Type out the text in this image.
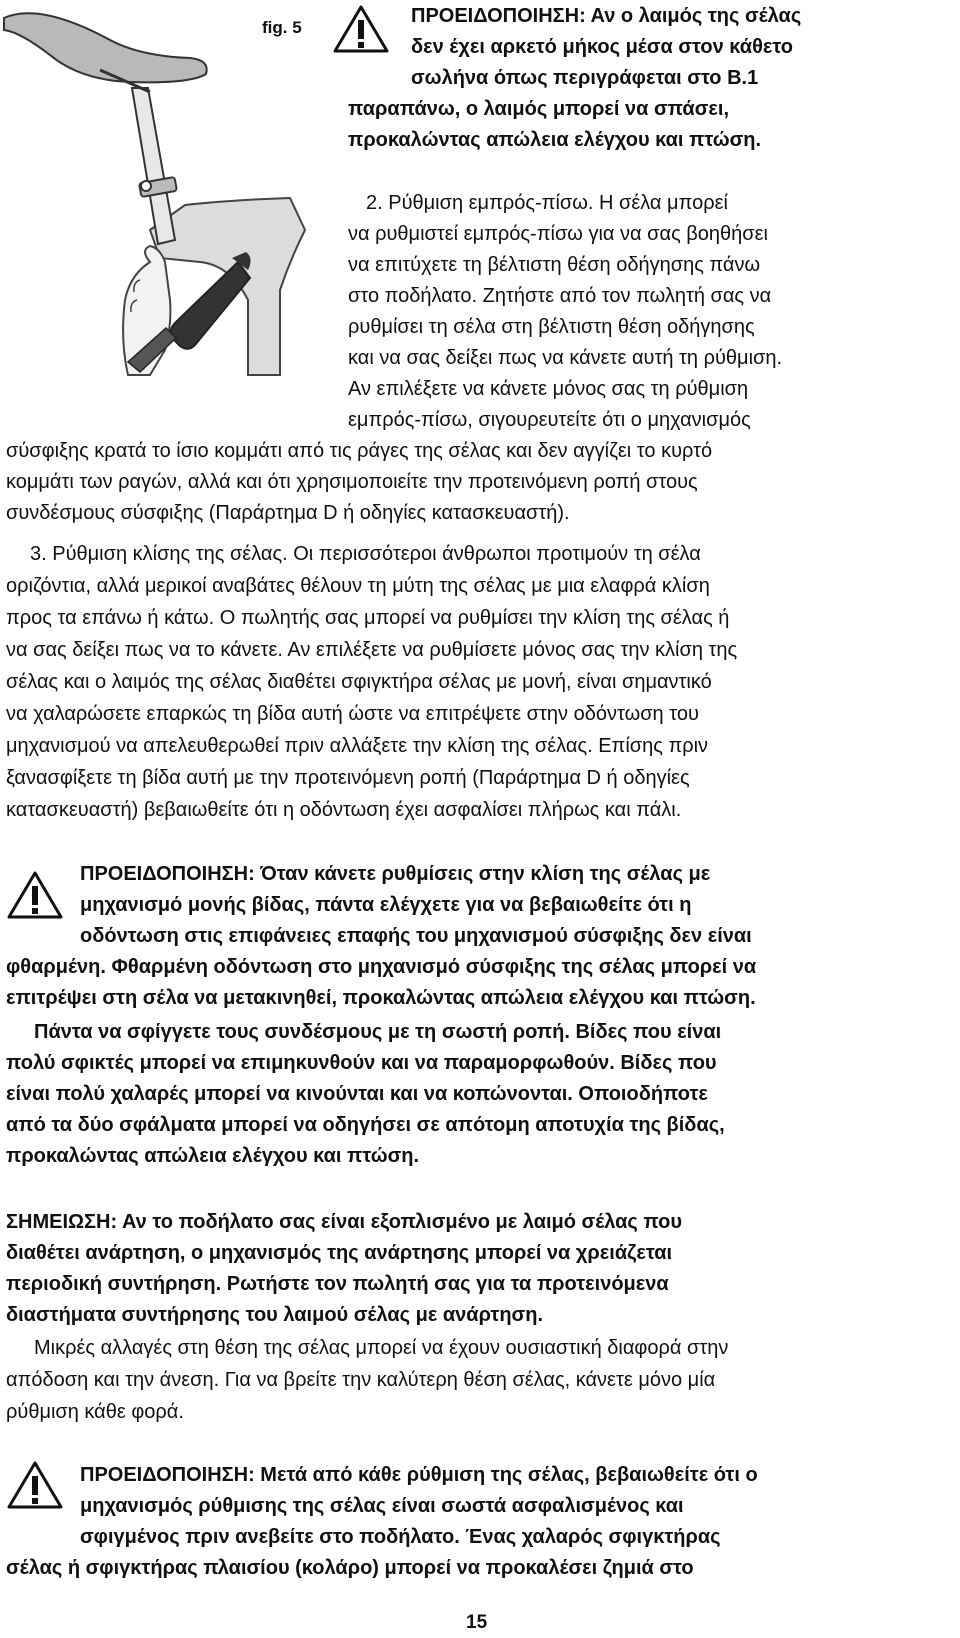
fig. 5
ΠΡΟΕΙΔΟΠΟΙΗΣΗ: Αν ο λαιμός της σέλας
δεν έχει αρκετό μήκος μέσα στον κάθετο
σωλήνα όπως περιγράφεται στο Β.1
παραπάνω, ο λαιμός μπορεί να σπάσει,
προκαλώντας απώλεια ελέγχου και πτώση.
2. Ρύθμιση εμπρός-πίσω. Η σέλα μπορεί
να ρυθμιστεί εμπρός-πίσω για να σας βοηθήσει
να επιτύχετε τη βέλτιστη θέση οδήγησης πάνω
στο ποδήλατο. Ζητήστε από τον πωλητή σας να
ρυθμίσει τη σέλα στη βέλτιστη θέση οδήγησης
και να σας δείξει πως να κάνετε αυτή τη ρύθμιση.
Αν επιλέξετε να κάνετε μόνος σας τη ρύθμιση
εμπρός-πίσω, σιγουρευτείτε ότι ο μηχανισμός
σύσφιξης κρατά το ίσιο κομμάτι από τις ράγες της σέλας και δεν αγγίζει το κυρτό
κομμάτι των ραγών, αλλά και ότι χρησιμοποιείτε την προτεινόμενη ροπή στους
συνδέσμους σύσφιξης (Παράρτημα D ή οδηγίες κατασκευαστή).
3. Ρύθμιση κλίσης της σέλας. Οι περισσότεροι άνθρωποι προτιμούν τη σέλα
οριζόντια, αλλά μερικοί αναβάτες θέλουν τη μύτη της σέλας με μια ελαφρά κλίση
προς τα επάνω ή κάτω. Ο πωλητής σας μπορεί να ρυθμίσει την κλίση της σέλας ή
να σας δείξει πως να το κάνετε. Αν επιλέξετε να ρυθμίσετε μόνος σας την κλίση της
σέλας και ο λαιμός της σέλας διαθέτει σφιγκτήρα σέλας με μονή, είναι σημαντικό
να χαλαρώσετε επαρκώς τη βίδα αυτή ώστε να επιτρέψετε στην οδόντωση του
μηχανισμού να απελευθερωθεί πριν αλλάξετε την κλίση της σέλας. Επίσης πριν
ξανασφίξετε τη βίδα αυτή με την προτεινόμενη ροπή (Παράρτημα D ή οδηγίες
κατασκευαστή) βεβαιωθείτε ότι η οδόντωση έχει ασφαλίσει πλήρως και πάλι.
ΠΡΟΕΙΔΟΠΟΙΗΣΗ: Όταν κάνετε ρυθμίσεις στην κλίση της σέλας με
μηχανισμό μονής βίδας, πάντα ελέγχετε για να βεβαιωθείτε ότι η
οδόντωση στις επιφάνειες επαφής του μηχανισμού σύσφιξης δεν είναι
φθαρμένη. Φθαρμένη οδόντωση στο μηχανισμό σύσφιξης της σέλας μπορεί να
επιτρέψει στη σέλα να μετακινηθεί, προκαλώντας απώλεια ελέγχου και πτώση.
Πάντα να σφίγγετε τους συνδέσμους με τη σωστή ροπή. Βίδες που είναι
πολύ σφικτές μπορεί να επιμηκυνθούν και να παραμορφωθούν. Βίδες που
είναι πολύ χαλαρές μπορεί να κινούνται και να κοπώνονται. Οποιοδήποτε
από τα δύο σφάλματα μπορεί να οδηγήσει σε απότομη αποτυχία της βίδας,
προκαλώντας απώλεια ελέγχου και πτώση.
ΣΗΜΕΙΩΣΗ: Αν το ποδήλατο σας είναι εξοπλισμένο με λαιμό σέλας που
διαθέτει ανάρτηση, ο μηχανισμός της ανάρτησης μπορεί να χρειάζεται
περιοδική συντήρηση. Ρωτήστε τον πωλητή σας για τα προτεινόμενα
διαστήματα συντήρησης του λαιμού σέλας με ανάρτηση.
Μικρές αλλαγές στη θέση της σέλας μπορεί να έχουν ουσιαστική διαφορά στην
απόδοση και την άνεση. Για να βρείτε την καλύτερη θέση σέλας, κάνετε μόνο μία
ρύθμιση κάθε φορά.
ΠΡΟΕΙΔΟΠΟΙΗΣΗ: Μετά από κάθε ρύθμιση της σέλας, βεβαιωθείτε ότι ο
μηχανισμός ρύθμισης της σέλας είναι σωστά ασφαλισμένος και
σφιγμένος πριν ανεβείτε στο ποδήλατο. Ένας χαλαρός σφιγκτήρας
σέλας ή σφιγκτήρας πλαισίου (κολάρο) μπορεί να προκαλέσει ζημιά στο
15
